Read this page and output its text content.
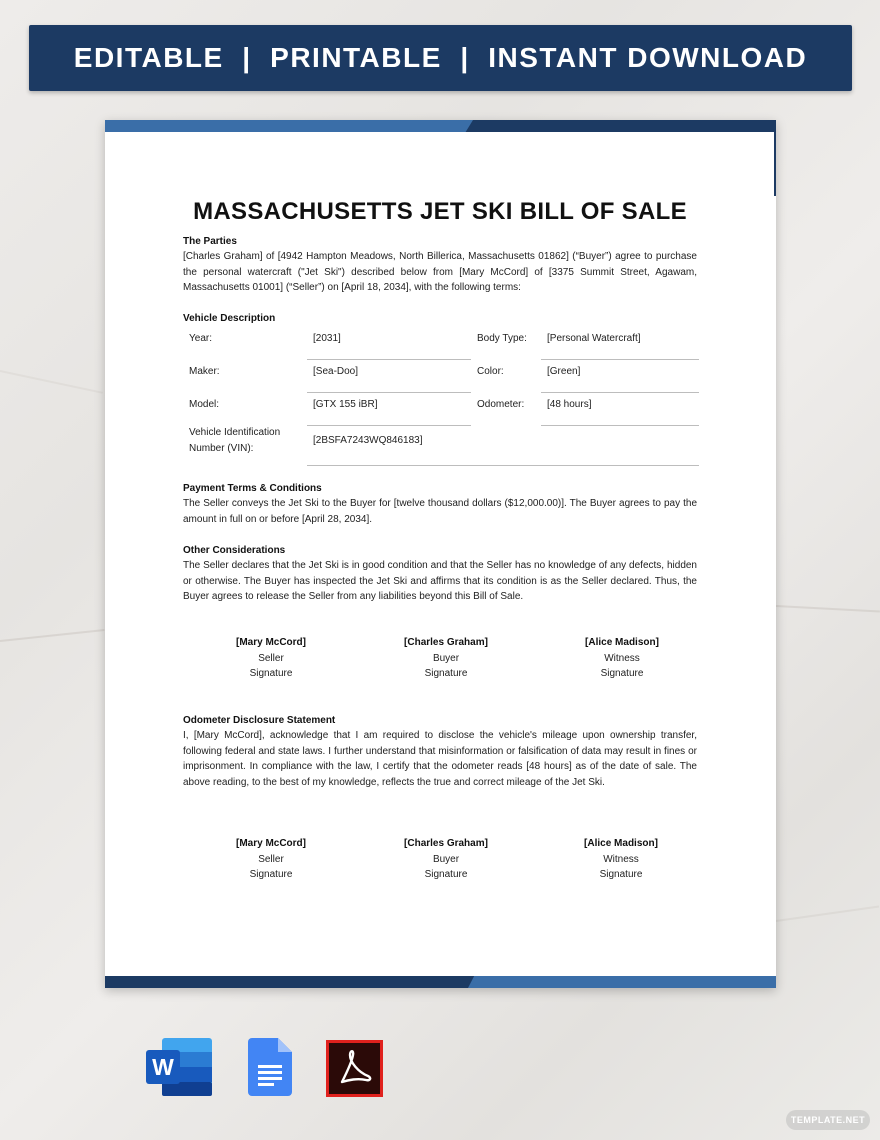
EDITABLE  |  PRINTABLE  |  INSTANT DOWNLOAD
MASSACHUSETTS JET SKI BILL OF SALE
The Parties
[Charles Graham] of [4942 Hampton Meadows, North Billerica, Massachusetts 01862] (“Buyer”) agree to purchase the personal watercraft ("Jet Ski") described below from [Mary McCord] of [3375 Summit Street, Agawam, Massachusetts 01001] (“Seller”) on [April 18, 2034], with the following terms:
Vehicle Description
Year:	[2031]	Body Type: [Personal Watercraft]
Maker:	[Sea-Doo]	Color:	[Green]
Model:	[GTX 155 iBR]	Odometer: [48 hours]
Vehicle Identification
Number (VIN):
[2BSFA7243WQ846183]
Payment Terms & Conditions
The Seller conveys the Jet Ski to the Buyer for [twelve thousand dollars ($12,000.00)]. The Buyer agrees to pay the amount in full on or before [April 28, 2034].
Other Considerations
The Seller declares that the Jet Ski is in good condition and that the Seller has no knowledge of any defects, hidden or otherwise. The Buyer has inspected the Jet Ski and affirms that its condition is as the Seller declared. Thus, the Buyer agrees to release the Seller from any liabilities beyond this Bill of Sale.
[Mary McCord]
Seller
Signature
[Charles Graham]
Buyer
Signature
[Alice Madison]
Witness
Signature
Odometer Disclosure Statement
I, [Mary McCord], acknowledge that I am required to disclose the vehicle's mileage upon ownership transfer, following federal and state laws. I further understand that misinformation or falsification of data may result in fines or imprisonment. In compliance with the law, I certify that the odometer reads [48 hours] as of the date of sale. The above reading, to the best of my knowledge, reflects the true and correct mileage of the Jet Ski.
[Mary McCord]
Seller
Signature
[Charles Graham]
Buyer
Signature
[Alice Madison]
Witness
Signature
W
TEMPLATE.NET
